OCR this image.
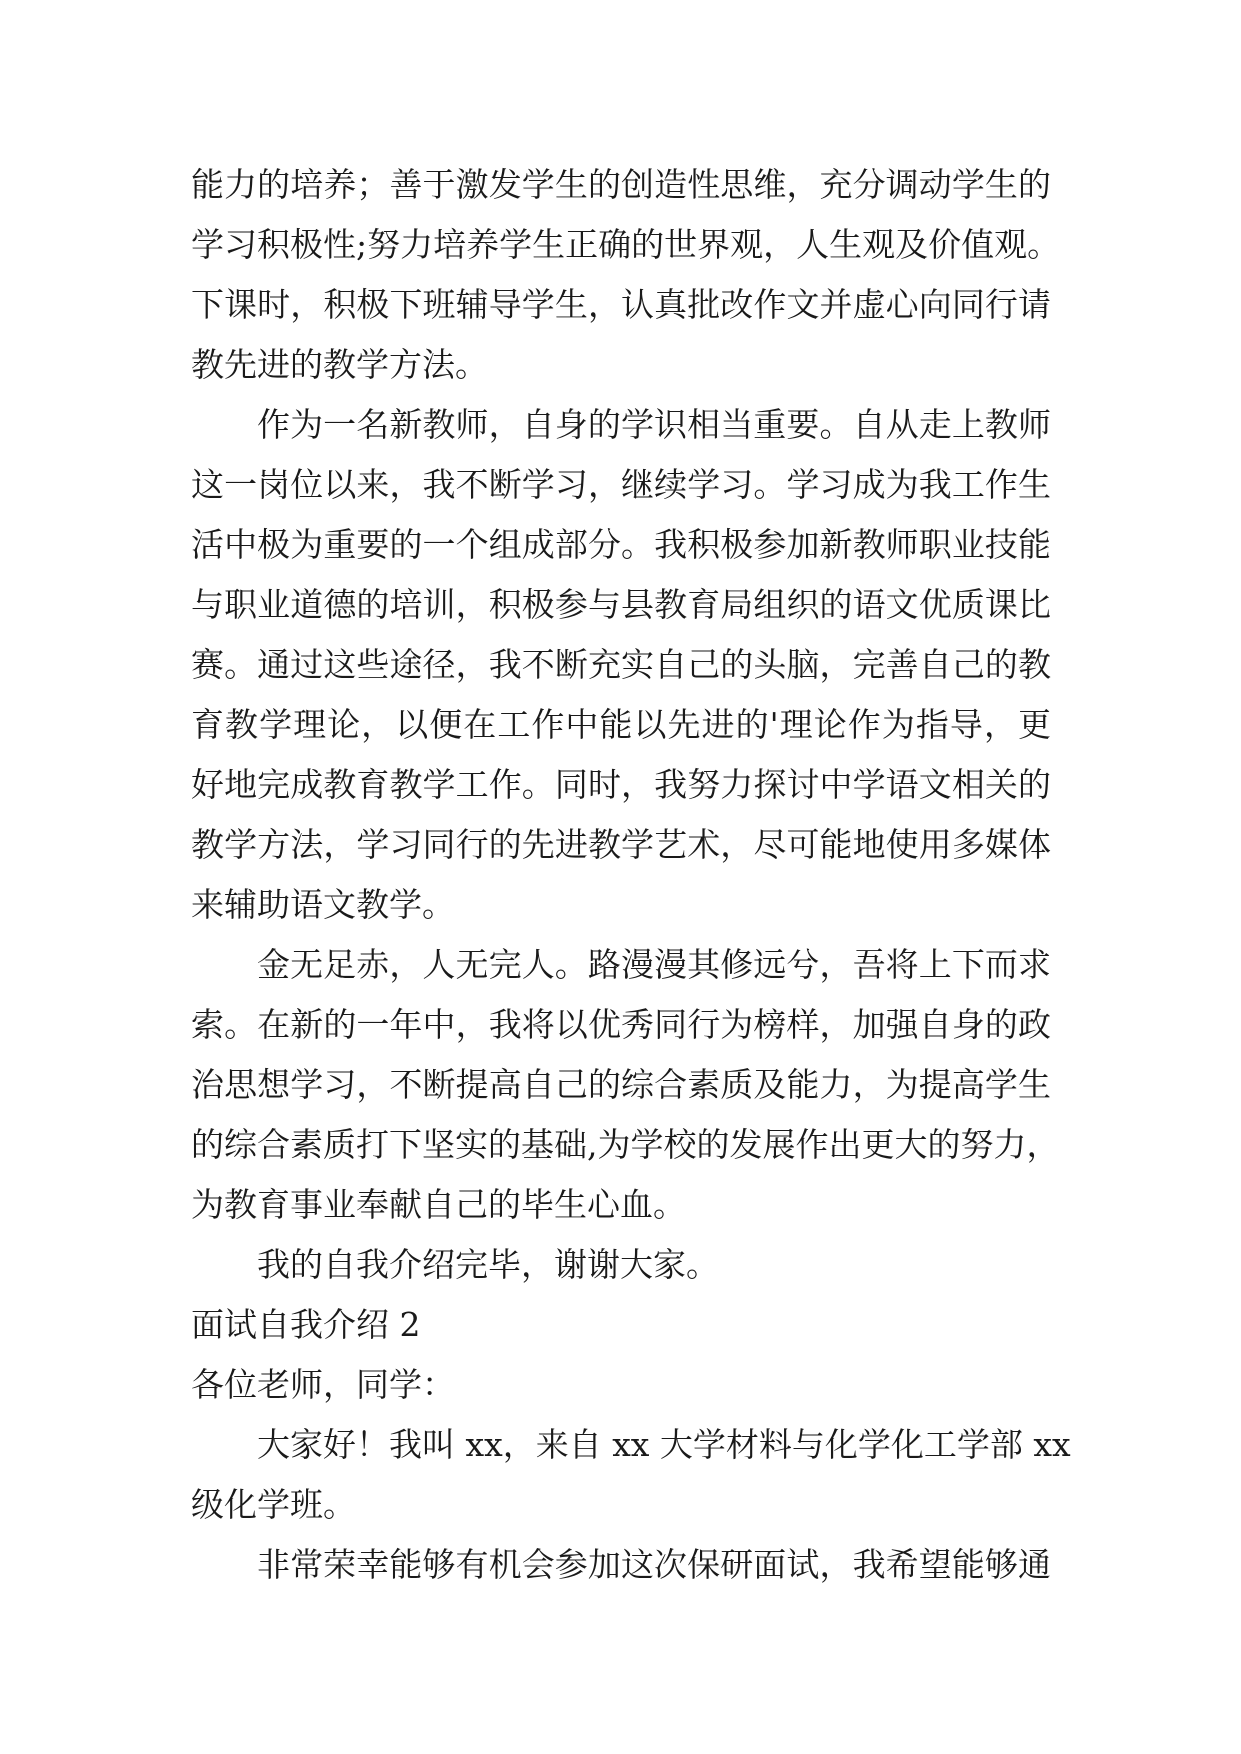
能力的培养；善于激发学生的创造性思维，充分调动学生的
学习积极性;努力培养学生正确的世界观，人生观及价值观。
下课时，积极下班辅导学生，认真批改作文并虚心向同行请
教先进的教学方法。
作为一名新教师，自身的学识相当重要。自从走上教师
这一岗位以来，我不断学习，继续学习。学习成为我工作生
活中极为重要的一个组成部分。我积极参加新教师职业技能
与职业道德的培训，积极参与县教育局组织的语文优质课比
赛。通过这些途径，我不断充实自己的头脑，完善自己的教
育教学理论，以便在工作中能以先进的'理论作为指导，更
好地完成教育教学工作。同时，我努力探讨中学语文相关的
教学方法，学习同行的先进教学艺术，尽可能地使用多媒体
来辅助语文教学。
金无足赤，人无完人。路漫漫其修远兮，吾将上下而求
索。在新的一年中，我将以优秀同行为榜样，加强自身的政
治思想学习，不断提高自己的综合素质及能力，为提高学生
的综合素质打下坚实的基础,为学校的发展作出更大的努力，
为教育事业奉献自己的毕生心血。
我的自我介绍完毕，谢谢大家。
面试自我介绍 2
各位老师，同学：
大家好！我叫 xx，来自 xx 大学材料与化学化工学部 xx
级化学班。
非常荣幸能够有机会参加这次保研面试，我希望能够通
